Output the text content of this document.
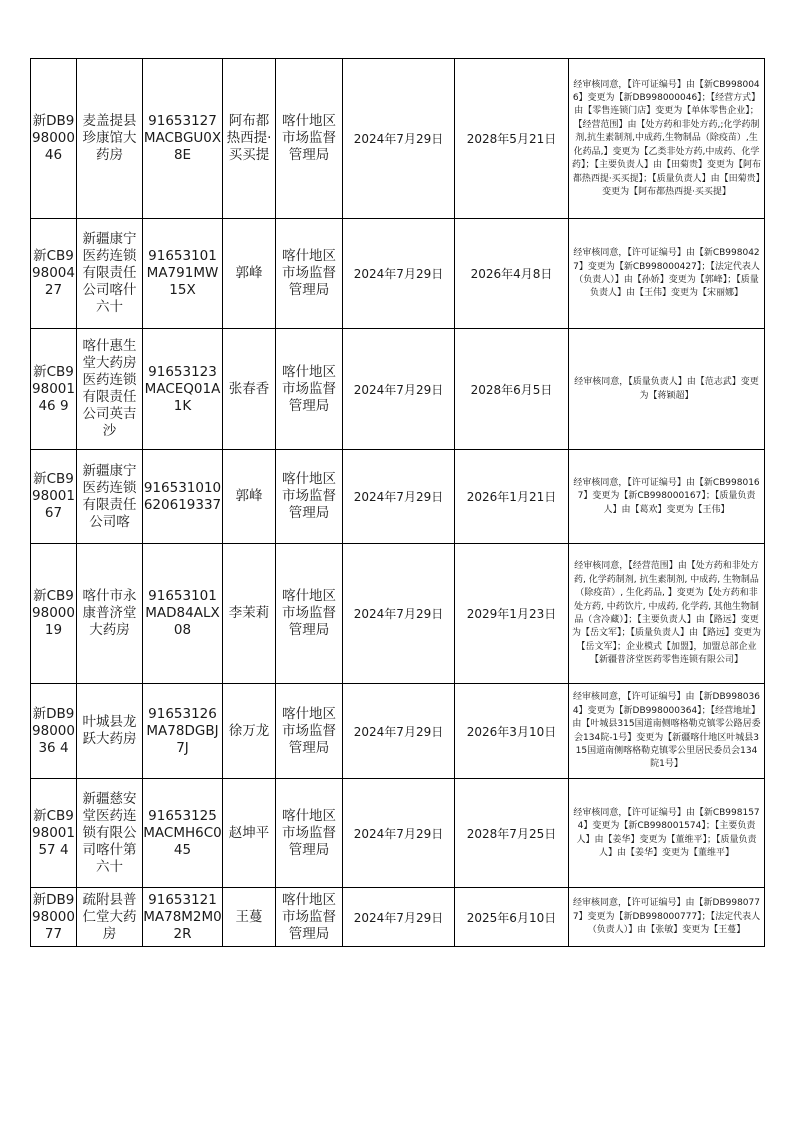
新DB99800046	麦盖提县珍康馆大药房	91653127MACBGU0X8E	阿布都热西提·买买提	喀什地区市场监督管理局	2024年7月29日	2028年5月21日	经审核同意，【许可证编号】由【新CB9980046】变更为【新DB998000046】；【经营方式】由【零售连锁门店】变更为【单体零售企业】；【经营范围】由【处方药和非处方药,;化学药制剂,抗生素制剂,中成药,生物制品（除疫苗）,生化药品,】变更为【乙类非处方药,中成药、化学药】；【主要负责人】由【田菊贵】变更为【阿布都热西提·买买提】；【质量负责人】由【田菊贵】变更为【阿布都热西提·买买提】

新CB99800427	新疆康宁医药连锁有限责任公司喀什六十	91653101MA791MW15X	郭峰	喀什地区市场监督管理局	2024年7月29日	2026年4月8日	经审核同意，【许可证编号】由【新CB9980427】变更为【新CB998000427】；【法定代表人（负责人）】由【孙娇】变更为【郭峰】；【质量负责人】由【王伟】变更为【宋丽娜】

新CB99800146 9	喀什惠生堂大药房医药连锁有限责任公司英吉沙	91653123MACEQ01A1K	张春香	喀什地区市场监督管理局	2024年7月29日	2028年6月5日	经审核同意，【质量负责人】由【范志武】变更为【蒋颖超】

新CB99800167	新疆康宁医药连锁有限责任公司喀	916531010620619337	郭峰	喀什地区市场监督管理局	2024年7月29日	2026年1月21日	经审核同意，【许可证编号】由【新CB9980167】变更为【新CB998000167】；【质量负责人】由【葛欢】变更为【王伟】

新CB99800019	喀什市永康普济堂大药房	91653101MAD84ALX08	李茉莉	喀什地区市场监督管理局	2024年7月29日	2029年1月23日	经审核同意，【经营范围】由【处方药和非处方药, 化学药制剂, 抗生素制剂, 中成药, 生物制品（除疫苗）, 生化药品, 】变更为【处方药和非处方药, 中药饮片, 中成药, 化学药, 其他生物制品（含冷藏）】；【主要负责人】由【路远】变更为【岳文军】；【质量负责人】由【路远】变更为【岳文军】；企业模式【加盟】，加盟总部企业【新疆普济堂医药零售连锁有限公司】

新DB99800036 4	叶城县龙跃大药房	91653126MA78DGBJ7J	徐万龙	喀什地区市场监督管理局	2024年7月29日	2026年3月10日	经审核同意，【许可证编号】由【新DB9980364】变更为【新DB998000364】；【经营地址】由【叶城县315国道南侧喀格勒克镇零公路居委会134院-1号】变更为【新疆喀什地区叶城县315国道南侧喀格勒克镇零公里居民委员会134院1号】

新CB99800157 4	新疆慈安堂医药连锁有限公司喀什第六十	91653125MACMH6C045	赵坤平	喀什地区市场监督管理局	2024年7月29日	2028年7月25日	经审核同意，【许可证编号】由【新CB9981574】变更为【新CB998001574】；【主要负责人】由【姜华】变更为【董维平】；【质量负责人】由【姜华】变更为【董维平】

新DB99800077	疏附县普仁堂大药房	91653121MA78M2M02R	王蔓	喀什地区市场监督管理局	2024年7月29日	2025年6月10日	经审核同意，【许可证编号】由【新DB9980777】变更为【新DB998000777】；【法定代表人（负责人）】由【张敏】变更为【王蔓】
